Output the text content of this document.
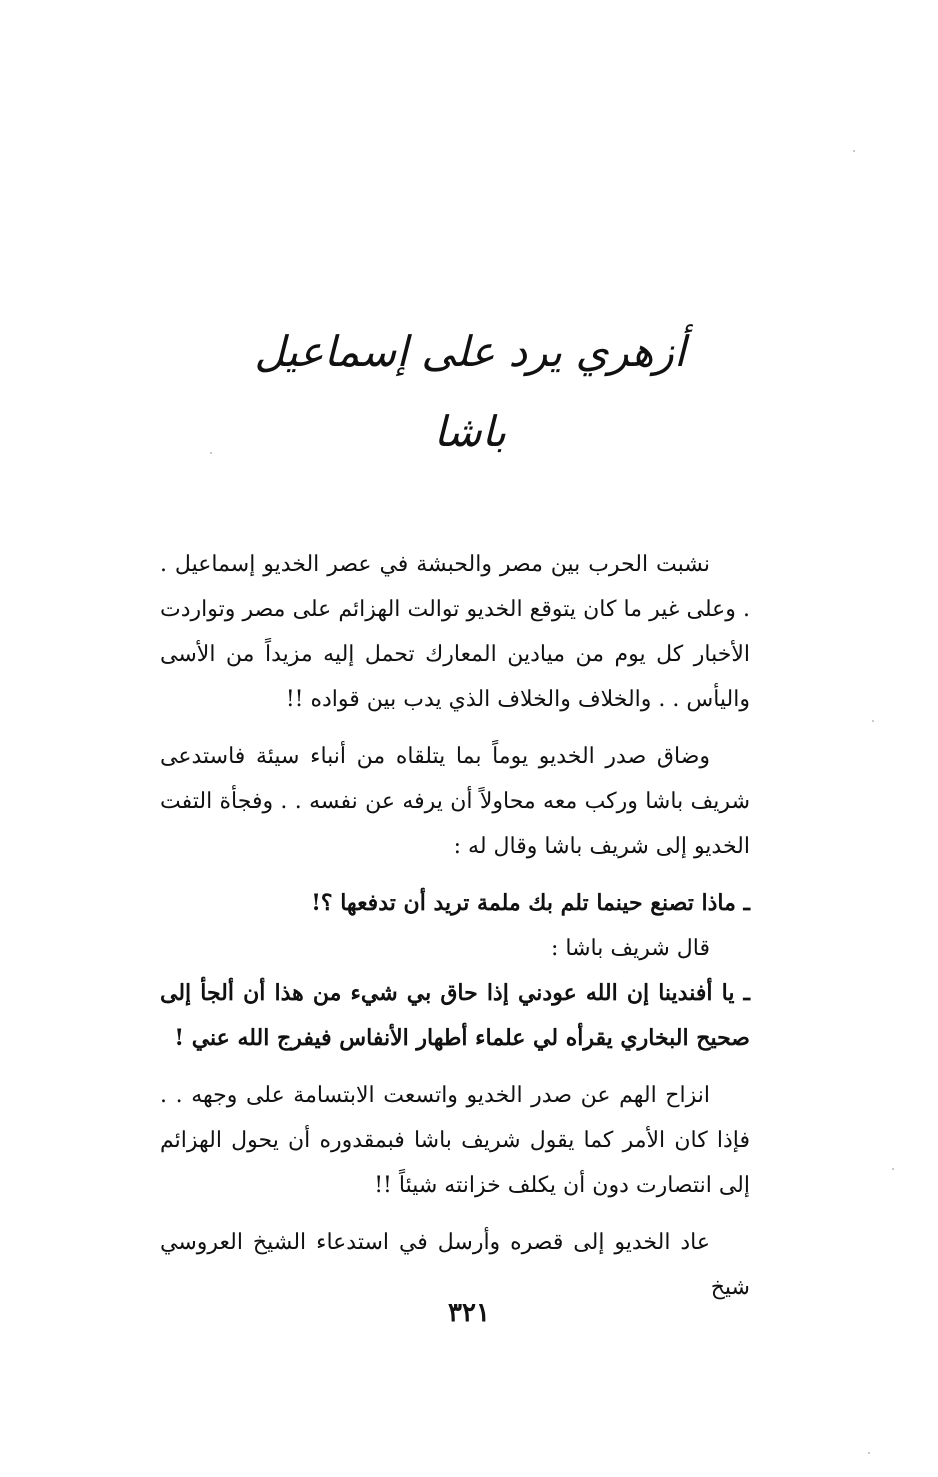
أزهري يرد على إسماعيل باشا

نشبت الحرب بين مصر والحبشة في عصر الخديو إسماعيل . . وعلى غير ما كان يتوقع الخديو توالت الهزائم على مصر وتواردت الأخبار كل يوم من ميادين المعارك تحمل إليه مزيداً من الأسى واليأس . . والخلاف والخلاف الذي يدب بين قواده !!

وضاق صدر الخديو يوماً بما يتلقاه من أنباء سيئة فاستدعى شريف باشا وركب معه محاولاً أن يرفه عن نفسه . . وفجأة التفت الخديو إلى شريف باشا وقال له :

ـ ماذا تصنع حينما تلم بك ملمة تريد أن تدفعها ؟!

قال شريف باشا :

ـ يا أفندينا إن الله عودني إذا حاق بي شيء من هذا أن ألجأ إلى صحيح البخاري يقرأه لي علماء أطهار الأنفاس فيفرج الله عني !

انزاح الهم عن صدر الخديو واتسعت الابتسامة على وجهه . . فإذا كان الأمر كما يقول شريف باشا فبمقدوره أن يحول الهزائم إلى انتصارت دون أن يكلف خزانته شيئاً !!

عاد الخديو إلى قصره وأرسل في استدعاء الشيخ العروسي شيخ

٣٢١
